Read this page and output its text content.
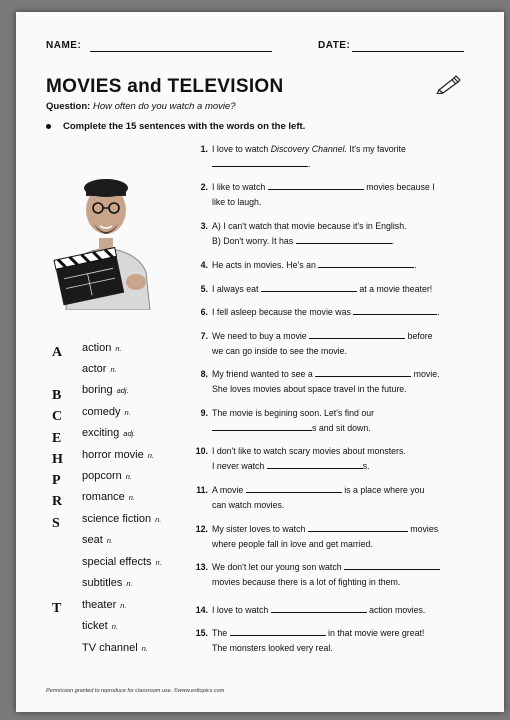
NAME:	DATE:
MOVIES and TELEVISION
Question: How often do you watch a movie?
Complete the 15 sentences with the words on the left.
A
B
C
E
H
P
R
S
T
action n.
actor n.
boring adj.
comedy n.
exciting adj.
horror movie n.
popcorn n.
romance n.
science fiction n.
seat n.
special effects n.
subtitles n.
theater n.
ticket n.
TV channel n.
1. I love to watch Discovery Channel. It's my favorite
.
2. I like to watch	movies because I
like to laugh.
3. A) I can't watch that movie because it's in English.
B) Don't worry. It has	.
4. He acts in movies. He's an	.
5. I always eat	at a movie theater!
6. I fell asleep because the movie was	.
7. We need to buy a movie	before
we can go inside to see the movie.
8. My friend wanted to see a	movie.
She loves movies about space travel in the future.
9. The movie is begining soon. Let's find our
s and sit down.
10. I don't like to watch scary movies about monsters.
I never watch	s.
11. A movie	is a place where you
can watch movies.
12. My sister loves to watch	movies
where people fall in love and get married.
13. We don't let our young son watch
movies because there is a lot of fighting in them.
14. I love to watch	action movies.
15. The	in that movie were great!
The monsters looked very real.
Permission granted to reproduce for classroom use. ©www.esltopics.com
